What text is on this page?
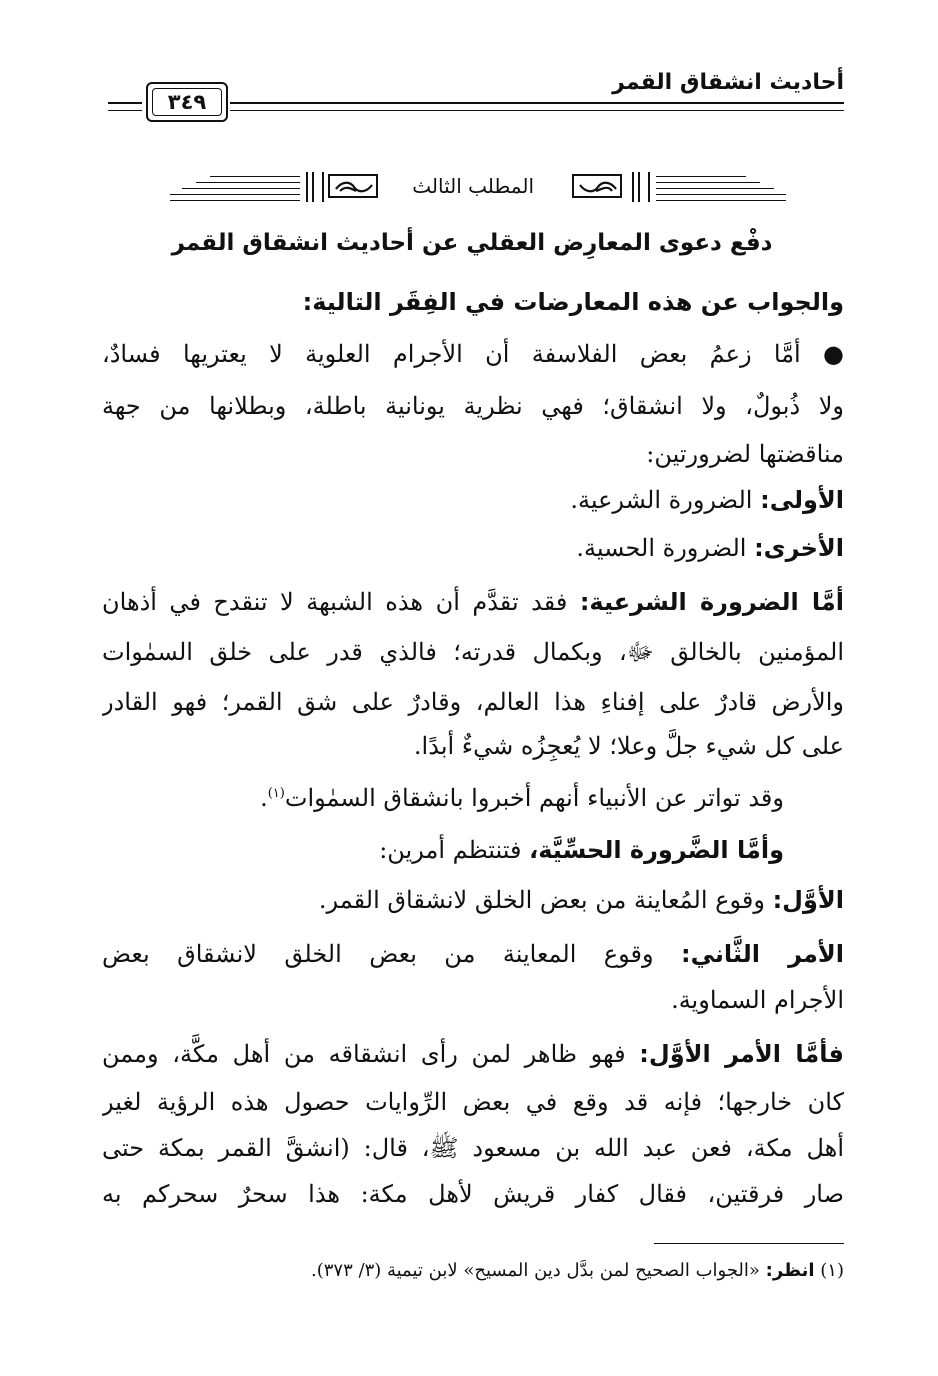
أحاديث انشقاق القمر
٣٤٩
المطلب الثالث
دفْع دعوى المعارِض العقلي عن أحاديث انشقاق القمر
والجواب عن هذه المعارضات في الفِقَر التالية:
● أمَّا زعمُ بعض الفلاسفة أن الأجرام العلوية لا يعتريها فسادٌ،
ولا ذُبولٌ، ولا انشقاق؛ فهي نظرية يونانية باطلة، وبطلانها من جهة
مناقضتها لضرورتين:
الأولى: الضرورة الشرعية.
الأخرى: الضرورة الحسية.
أمَّا الضرورة الشرعية: فقد تقدَّم أن هذه الشبهة لا تنقدح في أذهان
المؤمنين بالخالق ﷻ، وبكمال قدرته؛ فالذي قدر على خلق السمٰوات
والأرض قادرٌ على إفناءِ هذا العالم، وقادرٌ على شق القمر؛ فهو القادر
على كل شيء جلَّ وعلا؛ لا يُعجِزُه شيءٌ أبدًا.
وقد تواتر عن الأنبياء أنهم أخبروا بانشقاق السمٰوات$^{(١)}$.
وأمَّا الضَّرورة الحسِّيَّة، فتنتظم أمرين:
الأوَّل: وقوع المُعاينة من بعض الخلق لانشقاق القمر.
الأمر الثَّاني: وقوع المعاينة من بعض الخلق لانشقاق بعض
الأجرام السماوية.
فأمَّا الأمر الأوَّل: فهو ظاهر لمن رأى انشقاقه من أهل مكَّة، وممن
كان خارجها؛ فإنه قد وقع في بعض الرِّوايات حصول هذه الرؤية لغير
أهل مكة، فعن عبد الله بن مسعود ﷺ، قال: (انشقَّ القمر بمكة حتى
صار فرقتين، فقال كفار قريش لأهل مكة: هذا سحرٌ سحركم به
(١) انظر: «الجواب الصحيح لمن بدَّل دين المسيح» لابن تيمية (٣/ ٣٧٣).
